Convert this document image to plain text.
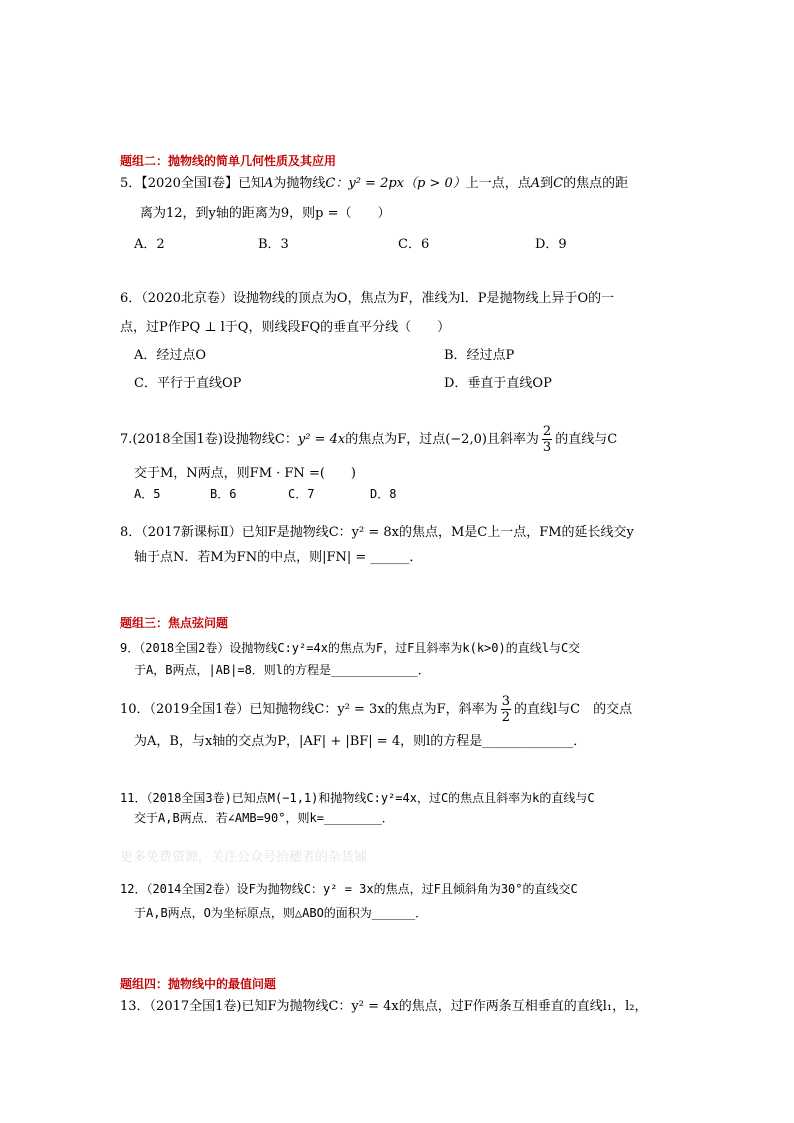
题组二：抛物线的简单几何性质及其应用
5．【2020全国Ⅰ卷】已知A为抛物线C：y² = 2px（p > 0）上一点，点A到C的焦点的距
离为12，到y轴的距离为9，则p =（　　）
A．2	B．3	C．6	D．9
6．（2020北京卷）设抛物线的顶点为O，焦点为F，准线为l．P是抛物线上异于O的一
点，过P作PQ ⊥ l于Q，则线段FQ的垂直平分线（　　）
A．经过点O	B．经过点P
C．平行于直线OP	D．垂直于直线OP
7.(2018全国1卷)设抛物线C：y² = 4x的焦点为F，过点(−2,0)且斜率为 $\frac{2}{3}$ 的直线与C
交于M，N两点，则FM · FN =(　　)
A．5	B．6	C．7	D．8
8．（2017新课标Ⅱ）已知F是抛物线C：y² = 8x的焦点，M是C上一点，FM的延长线交y
轴于点N．若M为FN的中点，则|FN| = ______．
题组三：焦点弦问题
9．（2018全国2卷）设抛物线C:y²=4x的焦点为F，过F且斜率为k(k>0)的直线l与C交
于A，B两点，|AB|=8．则l的方程是____________．
10．（2019全国1卷）已知抛物线C：y² = 3x的焦点为F，斜率为 $\frac{3}{2}$ 的直线l与C　的交点
为A，B，与x轴的交点为P，|AF| + |BF| = 4，则l的方程是______________．
11．（2018全国3卷)已知点M(−1,1)和抛物线C:y²=4x，过C的焦点且斜率为k的直线与C
交于A,B两点．若∠AMB=90°，则k=________．
更多免费资源，关注公众号拾穗者的杂货铺
12．（2014全国2卷）设F为抛物线C：y² = 3x的焦点，过F且倾斜角为30°的直线交C
于A,B两点，O为坐标原点，则△ABO的面积为______．
题组四：抛物线中的最值问题
13．（2017全国1卷)已知F为抛物线C：y² = 4x的焦点，过F作两条互相垂直的直线l₁，l₂，
